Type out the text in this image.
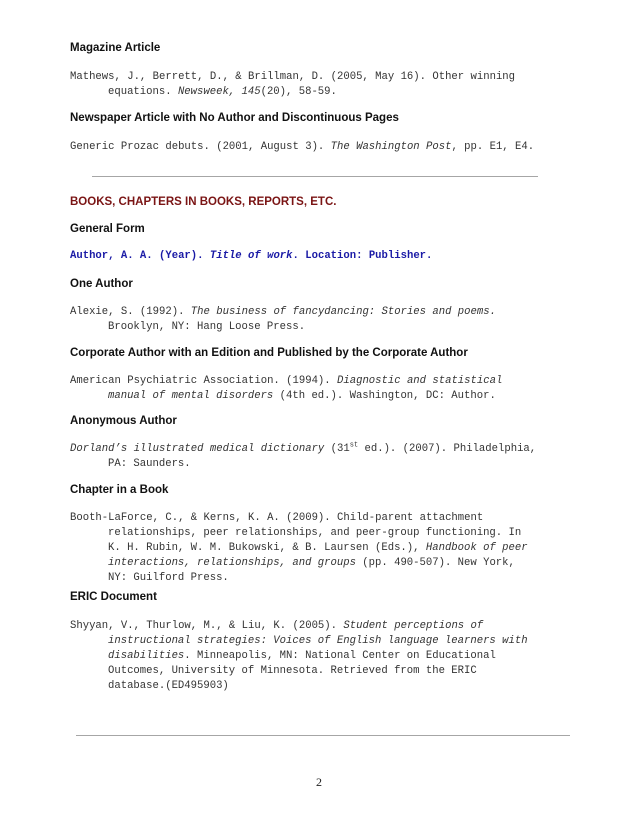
Magazine Article
Mathews, J., Berrett, D., & Brillman, D. (2005, May 16). Other winning
equations. Newsweek, 145(20), 58-59.
Newspaper Article with No Author and Discontinuous Pages
Generic Prozac debuts. (2001, August 3). The Washington Post, pp. E1, E4.
BOOKS, CHAPTERS IN BOOKS, REPORTS, ETC.
General Form
Author, A. A. (Year). Title of work. Location: Publisher.
One Author
Alexie, S. (1992). The business of fancydancing: Stories and poems.
Brooklyn, NY: Hang Loose Press.
Corporate Author with an Edition and Published by the Corporate Author
American Psychiatric Association. (1994). Diagnostic and statistical
manual of mental disorders (4th ed.). Washington, DC: Author.
Anonymous Author
Dorland’s illustrated medical dictionary (31st ed.). (2007). Philadelphia,
PA: Saunders.
Chapter in a Book
Booth-LaForce, C., & Kerns, K. A. (2009). Child-parent attachment
relationships, peer relationships, and peer-group functioning. In
K. H. Rubin, W. M. Bukowski, & B. Laursen (Eds.), Handbook of peer
interactions, relationships, and groups (pp. 490-507). New York,
NY: Guilford Press.
ERIC Document
Shyyan, V., Thurlow, M., & Liu, K. (2005). Student perceptions of
instructional strategies: Voices of English language learners with
disabilities. Minneapolis, MN: National Center on Educational
Outcomes, University of Minnesota. Retrieved from the ERIC
database.(ED495903)
2
